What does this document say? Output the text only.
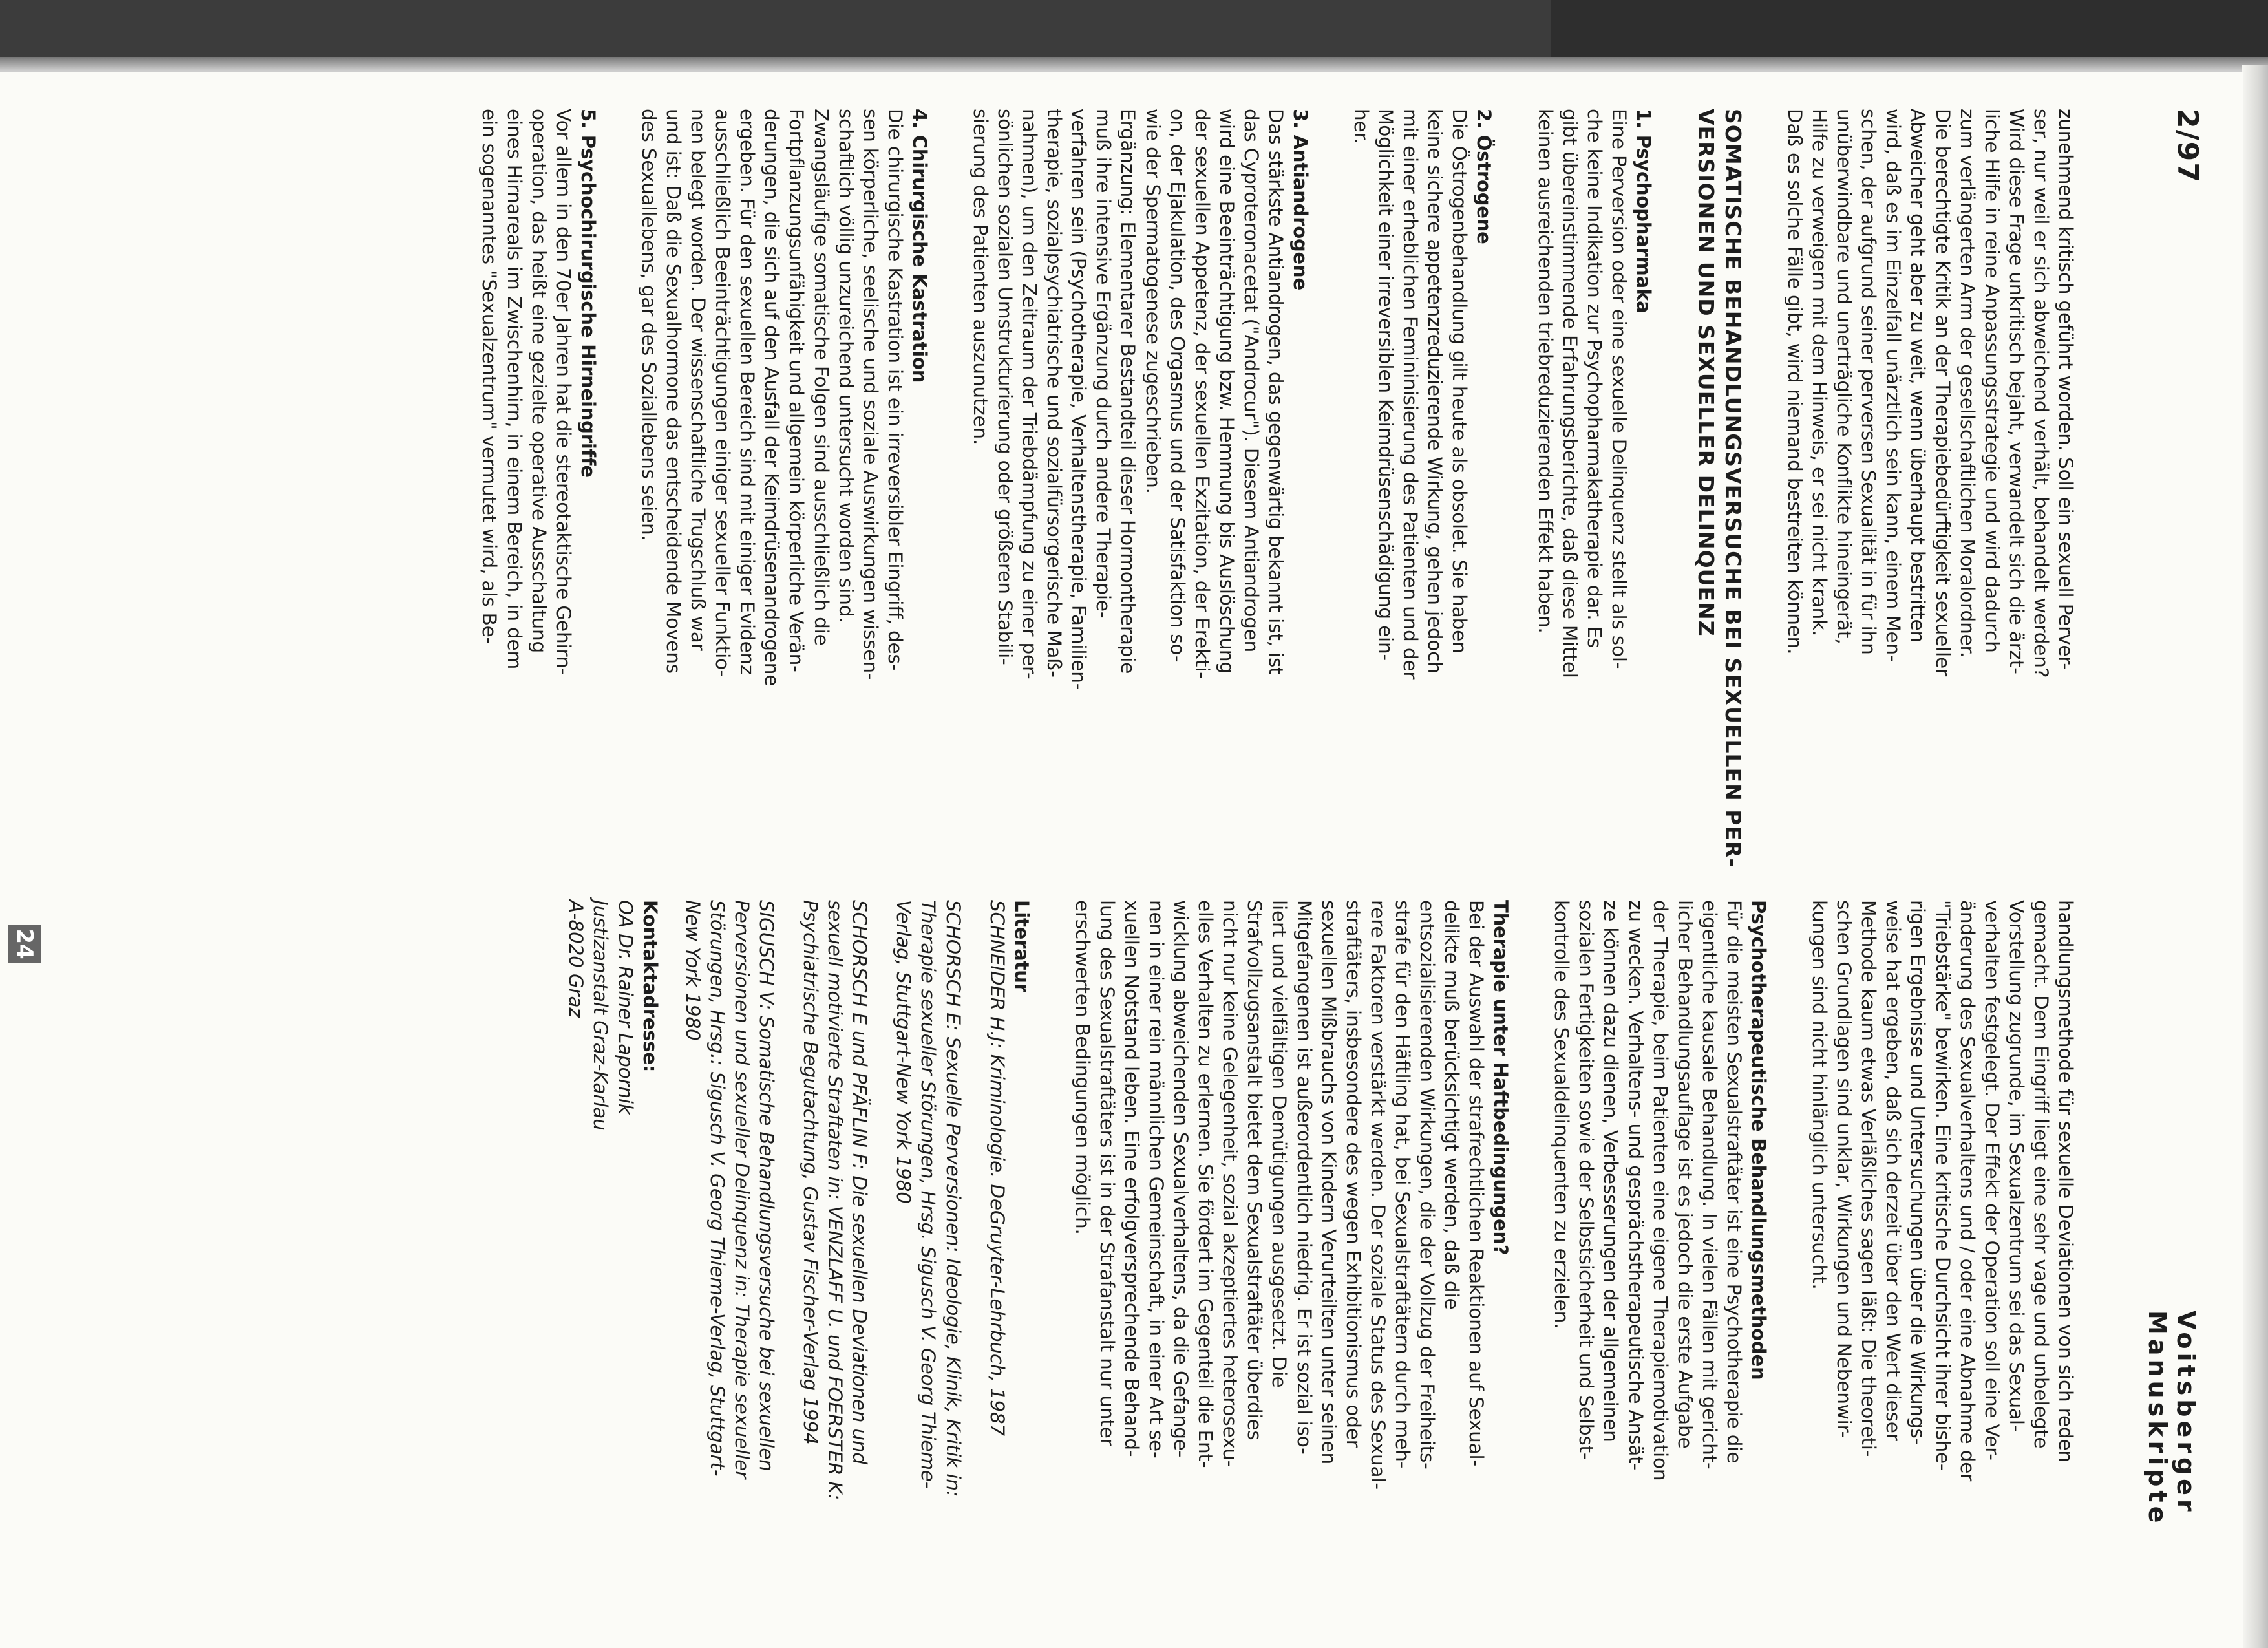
2/97
Voitsberger Manuskripte

zunehmend kritisch geführt worden. Soll ein sexuell Perver-

ser, nur weil er sich abweichend verhält, behandelt werden?

Wird diese Frage unkritisch bejaht, verwandelt sich die ärzt-

liche Hilfe in reine Anpassungsstrategie und wird dadurch

zum verlängerten Arm der gesellschaftlichen Moralordner.

Die berechtigte Kritik an der Therapiebedürftigkeit sexueller

Abweicher geht aber zu weit, wenn überhaupt bestritten

wird, daß es im Einzelfall unärztlich sein kann, einem Men-

schen, der aufgrund seiner perversen Sexualität in für ihn

unüberwindbare und unerträgliche Konflikte hineingerät,

Hilfe zu verweigern mit dem Hinweis, er sei nicht krank.

Daß es solche Fälle gibt, wird niemand bestreiten können.

SOMATISCHE BEHANDLUNGSVERSUCHE BEI SEXUELLEN PER-
VERSIONEN UND SEXUELLER DELINQUENZ
1. Psychopharmaka

Eine Perversion oder eine sexuelle Delinquenz stellt als sol-

che keine Indikation zur Psychopharmakatherapie dar. Es

gibt übereinstimmende Erfahrungsberichte, daß diese Mittel

keinen ausreichenden triebreduzierenden Effekt haben.

2. Östrogene

Die Östrogenbehandlung gilt heute als obsolet. Sie haben

keine sichere appetenzreduzierende Wirkung, gehen jedoch

mit einer erheblichen Femininisierung des Patienten und der

Möglichkeit einer irreversiblen Keimdrüsenschädigung ein-

her.

3. Antiandrogene

Das stärkste Antiandrogen, das gegenwärtig bekannt ist, ist

das Cyproteronacetat ("Androcur"). Diesem Antiandrogen

wird eine Beeinträchtigung bzw. Hemmung bis Auslöschung

der sexuellen Appetenz, der sexuellen Exzitation, der Erekti-

on, der Ejakulation, des Orgasmus und der Satisfaktion so-

wie der Spermatogenese zugeschrieben.

Ergänzung: Elementarer Bestandteil dieser Hormontherapie

muß ihre intensive Ergänzung durch andere Therapie-

verfahren sein (Psychotherapie, Verhaltenstherapie, Familien-

therapie, sozialpsychiatrische und sozialfürsorgerische Maß-

nahmen), um den Zeitraum der Triebdämpfung zu einer per-

sönlichen sozialen Umstrukturierung oder größeren Stabili-

sierung des Patienten auszunutzen.

4. Chirurgische Kastration

Die chirurgische Kastration ist ein irreversibler Eingriff, des-

sen körperliche, seelische und soziale Auswirkungen wissen-

schaftlich völlig unzureichend untersucht worden sind.

Zwangsläufige somatische Folgen sind ausschließlich die

Fortpflanzungsunfähigkeit und allgemein körperliche Verän-

derungen, die sich auf den Ausfall der Keimdrüsenandrogene

ergeben. Für den sexuellen Bereich sind mit einiger Evidenz

ausschließlich Beeinträchtigungen einiger sexueller Funktio-

nen belegt worden. Der wissenschaftliche Trugschluß war

und ist: Daß die Sexualhormone das entscheidende Movens

des Sexuallebens, gar des Soziallebens seien.

5. Psychochirurgische Hirneingriffe

Vor allem in den 70er Jahren hat die stereotaktische Gehirn-

operation, das heißt eine gezielte operative Ausschaltung

eines Hirnareals im Zwischenhirn, in einem Bereich, in dem

ein sogenanntes "Sexualzentrum" vermutet wird, als Be-

handlungsmethode für sexuelle Deviationen von sich reden

gemacht. Dem Eingriff liegt eine sehr vage und unbelegte

Vorstellung zugrunde, im Sexualzentrum sei das Sexual-

verhalten festgelegt. Der Effekt der Operation soll eine Ver-

änderung des Sexualverhaltens und / oder eine Abnahme der

"Triebstärke" bewirken. Eine kritische Durchsicht ihrer bishe-

rigen Ergebnisse und Untersuchungen über die Wirkungs-

weise hat ergeben, daß sich derzeit über den Wert dieser

Methode kaum etwas Verläßliches sagen läßt: Die theoreti-

schen Grundlagen sind unklar, Wirkungen und Nebenwir-

kungen sind nicht hinlänglich untersucht.

Psychotherapeutische Behandlungsmethoden

Für die meisten Sexualstraftäter ist eine Psychotherapie die

eigentliche kausale Behandlung. In vielen Fällen mit gericht-

licher Behandlungsauflage ist es jedoch die erste Aufgabe

der Therapie, beim Patienten eine eigene Therapiemotivation

zu wecken. Verhaltens- und gesprächstherapeutische Ansät-

ze können dazu dienen, Verbesserungen der allgemeinen

sozialen Fertigkeiten sowie der Selbstsicherheit und Selbst-

kontrolle des Sexualdelinquenten zu erzielen.

Therapie unter Haftbedingungen?

Bei der Auswahl der strafrechtlichen Reaktionen auf Sexual-

delikte muß berücksichtigt werden, daß die

entsozialisierenden Wirkungen, die der Vollzug der Freiheits-

strafe für den Häftling hat, bei Sexualstraftätern durch meh-

rere Faktoren verstärkt werden. Der soziale Status des Sexual-

straftäters, insbesondere des wegen Exhibitionismus oder

sexuellen Mißbrauchs von Kindern Verurteilten unter seinen

Mitgefangenen ist außerordentlich niedrig. Er ist sozial iso-

liert und vielfältigen Demütigungen ausgesetzt. Die

Strafvollzugsanstalt bietet dem Sexualstraftäter überdies

nicht nur keine Gelegenheit, sozial akzeptiertes heterosexu-

elles Verhalten zu erlernen. Sie fördert im Gegenteil die Ent-

wicklung abweichenden Sexualverhaltens, da die Gefange-

nen in einer rein männlichen Gemeinschaft, in einer Art se-

xuellen Notstand leben. Eine erfolgversprechende Behand-

lung des Sexualstraftäters ist in der Strafanstalt nur unter

erschwerten Bedingungen möglich.

Literatur

SCHNEIDER H.J: Kriminologie. DeGruyter-Lehrbuch, 1987

SCHORSCH E: Sexuelle Perversionen: Ideologie, Klinik, Kritik in:

Therapie sexueller Störungen, Hrsg. Sigusch V. Georg Thieme-

Verlag, Stuttgart-New York 1980

SCHORSCH E und PFÄFLIN F: Die sexuellen Deviationen und

sexuell motivierte Straftaten in: VENZLAFF U. und FOERSTER K:

Psychiatrische Begutachtung, Gustav Fischer-Verlag 1994

SIGUSCH V: Somatische Behandlungsversuche bei sexuellen

Perversionen und sexueller Delinquenz in: Therapie sexueller

Störungen, Hrsg.: Sigusch V. Georg Thieme-Verlag, Stuttgart-

New York 1980

Kontaktadresse:

OA Dr. Rainer Lapornik

Justizanstalt Graz-Karlau

A-8020 Graz

24
